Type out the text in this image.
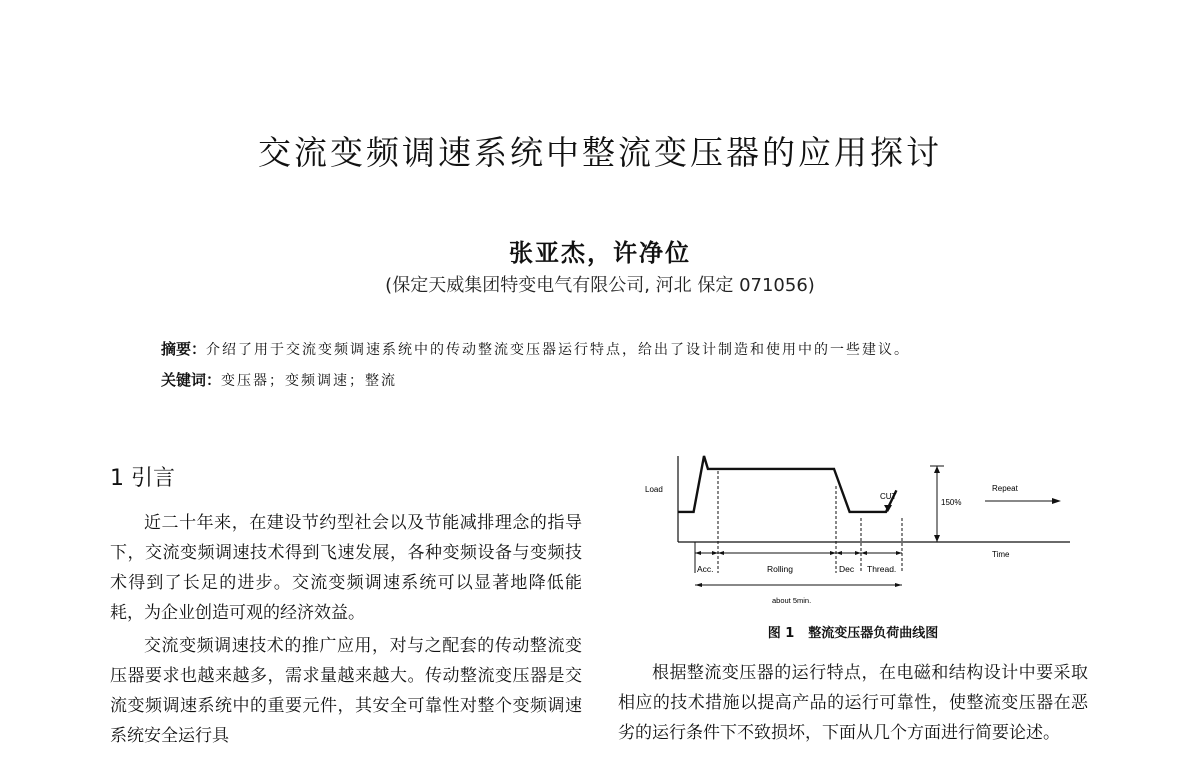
交流变频调速系统中整流变压器的应用探讨
张亚杰，许净位
(保定天威集团特变电气有限公司, 河北 保定 071056)
摘要：介绍了用于交流变频调速系统中的传动整流变压器运行特点，给出了设计制造和使用中的一些建议。
关键词：变压器；变频调速；整流
1 引言

近二十年来，在建设节约型社会以及节能减排理念的指导下，交流变频调速技术得到飞速发展，各种变频设备与变频技术得到了长足的进步。交流变频调速系统可以显著地降低能耗，为企业创造可观的经济效益。

交流变频调速技术的推广应用，对与之配套的传动整流变压器要求也越来越多，需求量越来越大。传动整流变压器是交流变频调速系统中的重要元件，其安全可靠性对整个变频调速系统安全运行具

150%
Repeat
CUT
Load
Time
Acc.	Rolling	Dec Thread.
about 5min.
图 1 整流变压器负荷曲线图

根据整流变压器的运行特点，在电磁和结构设计中要采取相应的技术措施以提高产品的运行可靠性，使整流变压器在恶劣的运行条件下不致损坏，下面从几个方面进行简要论述。
